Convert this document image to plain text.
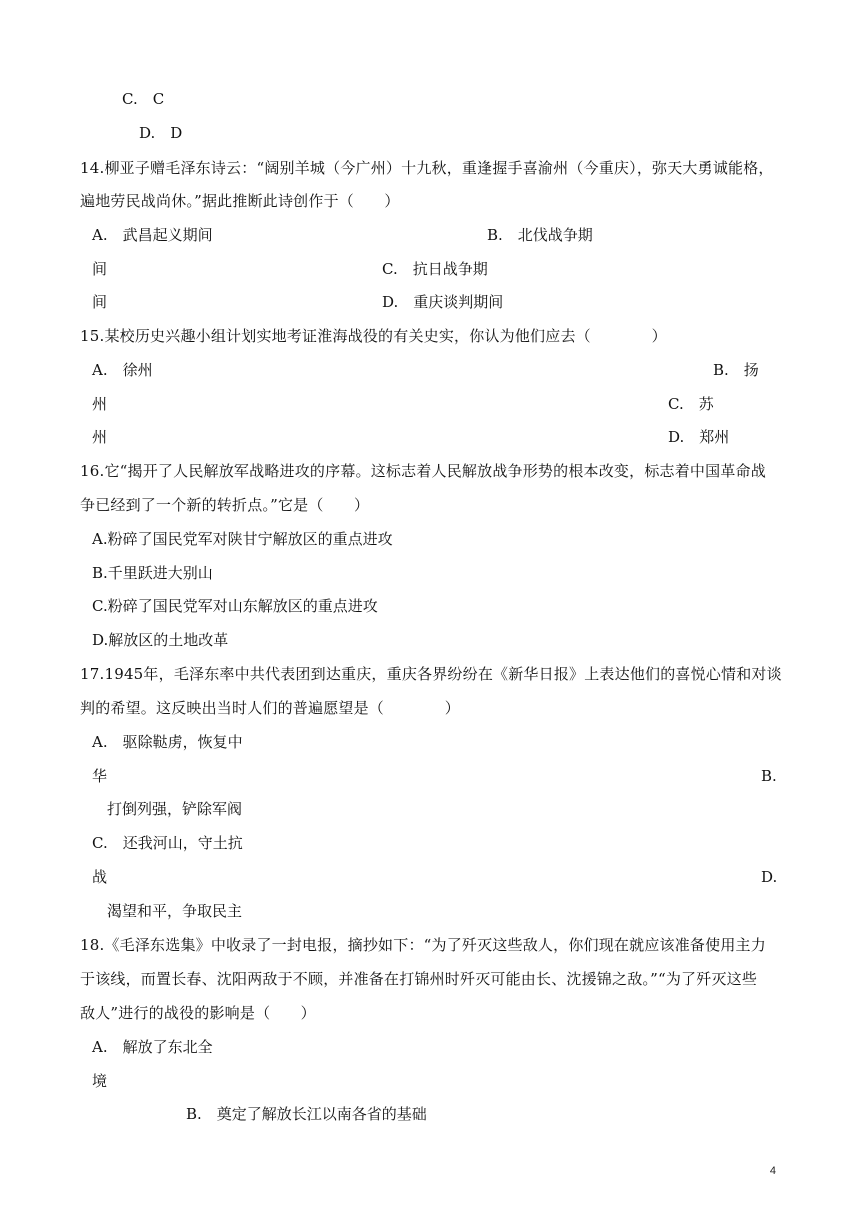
C.　C
D.　D
14.柳亚子赠毛泽东诗云：“阔别羊城（今广州）十九秋，重逢握手喜渝州（今重庆），弥天大勇诚能格，
遍地劳民战尚休。”据此推断此诗创作于（　　）
A.　武昌起义期间	B.　北伐战争期
间	C.　抗日战争期
间	D.　重庆谈判期间
15.某校历史兴趣小组计划实地考证淮海战役的有关史实，你认为他们应去（　　　　）
A.　徐州	B.　扬
州	C.　苏
州	D.　郑州
16.它“揭开了人民解放军战略进攻的序幕。这标志着人民解放战争形势的根本改变，标志着中国革命战
争已经到了一个新的转折点。”它是（　　）
A.粉碎了国民党军对陕甘宁解放区的重点进攻
B.千里跃进大别山
C.粉碎了国民党军对山东解放区的重点进攻
D.解放区的土地改革
17.1945年，毛泽东率中共代表团到达重庆，重庆各界纷纷在《新华日报》上表达他们的喜悦心情和对谈
判的希望。这反映出当时人们的普遍愿望是（　　　　）
A.　驱除鞑虏，恢复中
华	B.
打倒列强，铲除军阀
C.　还我河山，守土抗
战	D.
渴望和平，争取民主
18.《毛泽东选集》中收录了一封电报，摘抄如下：“为了歼灭这些敌人，你们现在就应该准备使用主力
于该线，而置长春、沈阳两敌于不顾，并准备在打锦州时歼灭可能由长、沈援锦之敌。”“为了歼灭这些
敌人”进行的战役的影响是（　　）
A.　解放了东北全
境
B.　奠定了解放长江以南各省的基础
4
